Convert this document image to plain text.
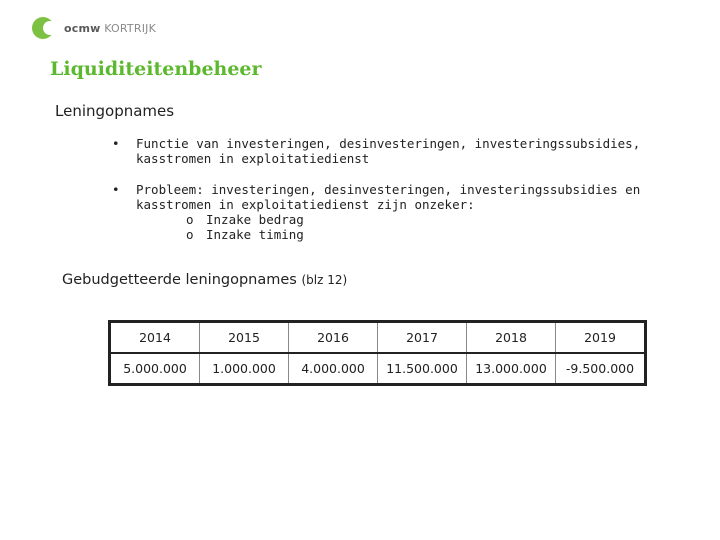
ocmw KORTRIJK
Liquiditeitenbeheer
Leningopnames
• Functie van investeringen, desinvesteringen, investeringssubsidies, kasstromen in exploitatiedienst
• Probleem: investeringen, desinvesteringen, investeringssubsidies en kasstromen in exploitatiedienst zijn onzeker:
o Inzake bedrag
o Inzake timing
Gebudgetteerde leningopnames (blz 12)
2014	2015	2016	2017	2018	2019
5.000.000	1.000.000	4.000.000	11.500.000	13.000.000	-9.500.000
